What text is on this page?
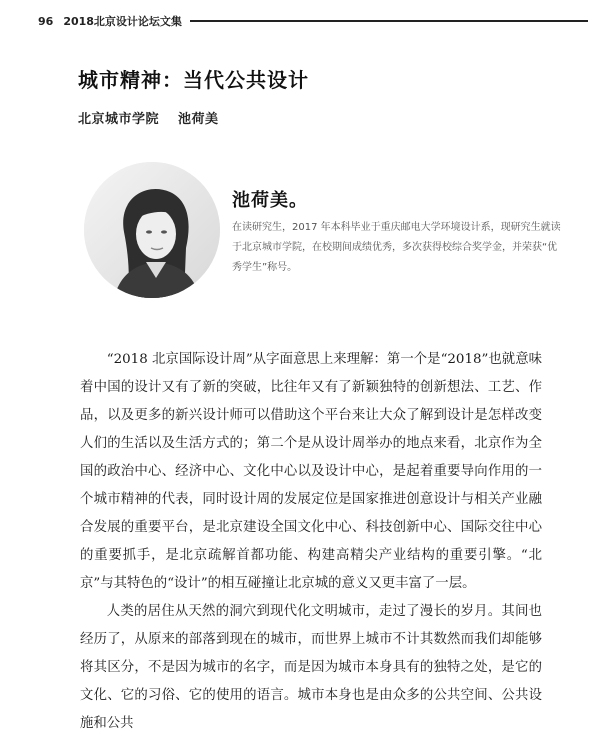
96 2018北京设计论坛文集
城市精神：当代公共设计
北京城市学院 池荷美
池荷美。

在读研究生，2017 年本科毕业于重庆邮电大学环境设计系，现研究生就读于北京城市学院，在校期间成绩优秀，多次获得校综合奖学金，并荣获“优秀学生”称号。

“2018 北京国际设计周”从字面意思上来理解：第一个是“2018”也就意味着中国的设计又有了新的突破，比往年又有了新颖独特的创新想法、工艺、作品，以及更多的新兴设计师可以借助这个平台来让大众了解到设计是怎样改变人们的生活以及生活方式的；第二个是从设计周举办的地点来看，北京作为全国的政治中心、经济中心、文化中心以及设计中心，是起着重要导向作用的一个城市精神的代表，同时设计周的发展定位是国家推进创意设计与相关产业融合发展的重要平台，是北京建设全国文化中心、科技创新中心、国际交往中心的重要抓手，是北京疏解首都功能、构建高精尖产业结构的重要引擎。“北京”与其特色的“设计”的相互碰撞让北京城的意义又更丰富了一层。

人类的居住从天然的洞穴到现代化文明城市，走过了漫长的岁月。其间也经历了，从原来的部落到现在的城市，而世界上城市不计其数然而我们却能够将其区分，不是因为城市的名字，而是因为城市本身具有的独特之处，是它的文化、它的习俗、它的使用的语言。城市本身也是由众多的公共空间、公共设施和公共
